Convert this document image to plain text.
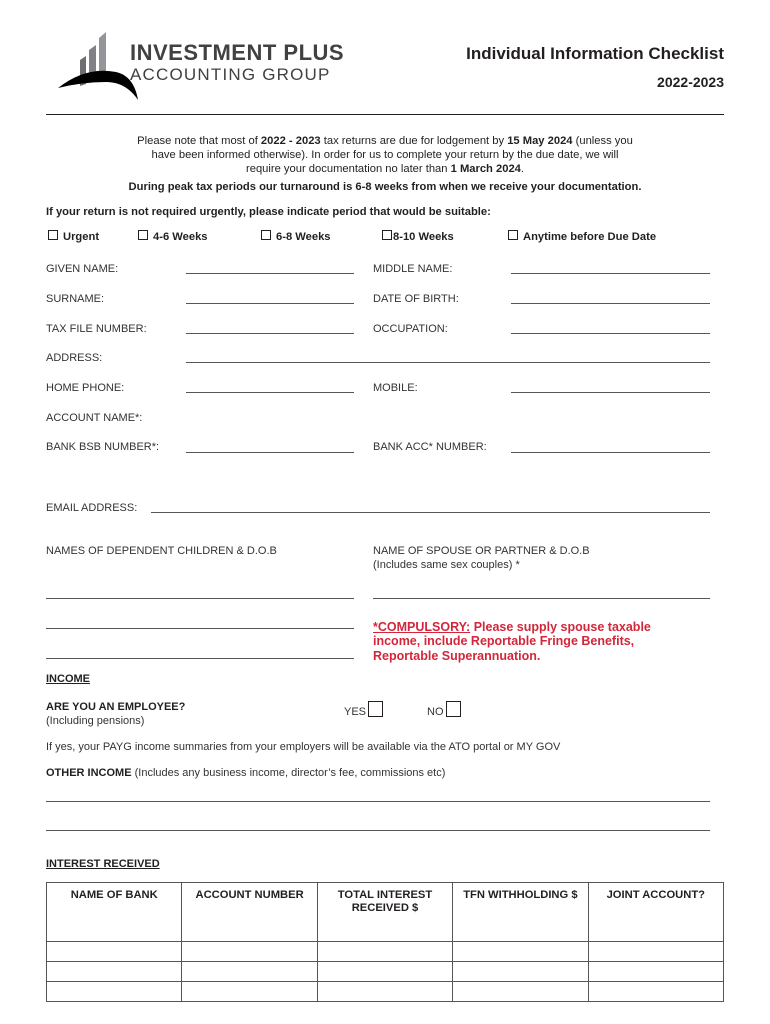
INVESTMENT PLUS
ACCOUNTING GROUP
Individual Information Checklist
2022-2023
Please note that most of 2022 - 2023 tax returns are due for lodgement by 15 May 2024 (unless you
have been informed otherwise). In order for us to complete your return by the due date, we will
require your documentation no later than 1 March 2024.
During peak tax periods our turnaround is 6-8 weeks from when we receive your documentation.
If your return is not required urgently, please indicate period that would be suitable:
Urgent	4-6 Weeks	6-8 Weeks	8-10 Weeks	Anytime before Due Date
GIVEN NAME:	MIDDLE NAME:
SURNAME:	DATE OF BIRTH:
TAX FILE NUMBER:	OCCUPATION:
ADDRESS:
HOME PHONE:	MOBILE:
ACCOUNT NAME*:
BANK BSB NUMBER*:	BANK ACC* NUMBER:
EMAIL ADDRESS:
NAMES OF DEPENDENT CHILDREN & D.O.B	NAME OF SPOUSE OR PARTNER & D.O.B
(Includes same sex couples) *
*COMPULSORY: Please supply spouse taxable
income, include Reportable Fringe Benefits,
Reportable Superannuation.
INCOME
ARE YOU AN EMPLOYEE?
(Including pensions)
YES	NO
If yes, your PAYG income summaries from your employers will be available via the ATO portal or MY GOV
OTHER INCOME (Includes any business income, director’s fee, commissions etc)
INTEREST RECEIVED
NAME OF BANK	ACCOUNT NUMBER	TOTAL INTEREST RECEIVED $	TFN WITHHOLDING $	JOINT ACCOUNT?
